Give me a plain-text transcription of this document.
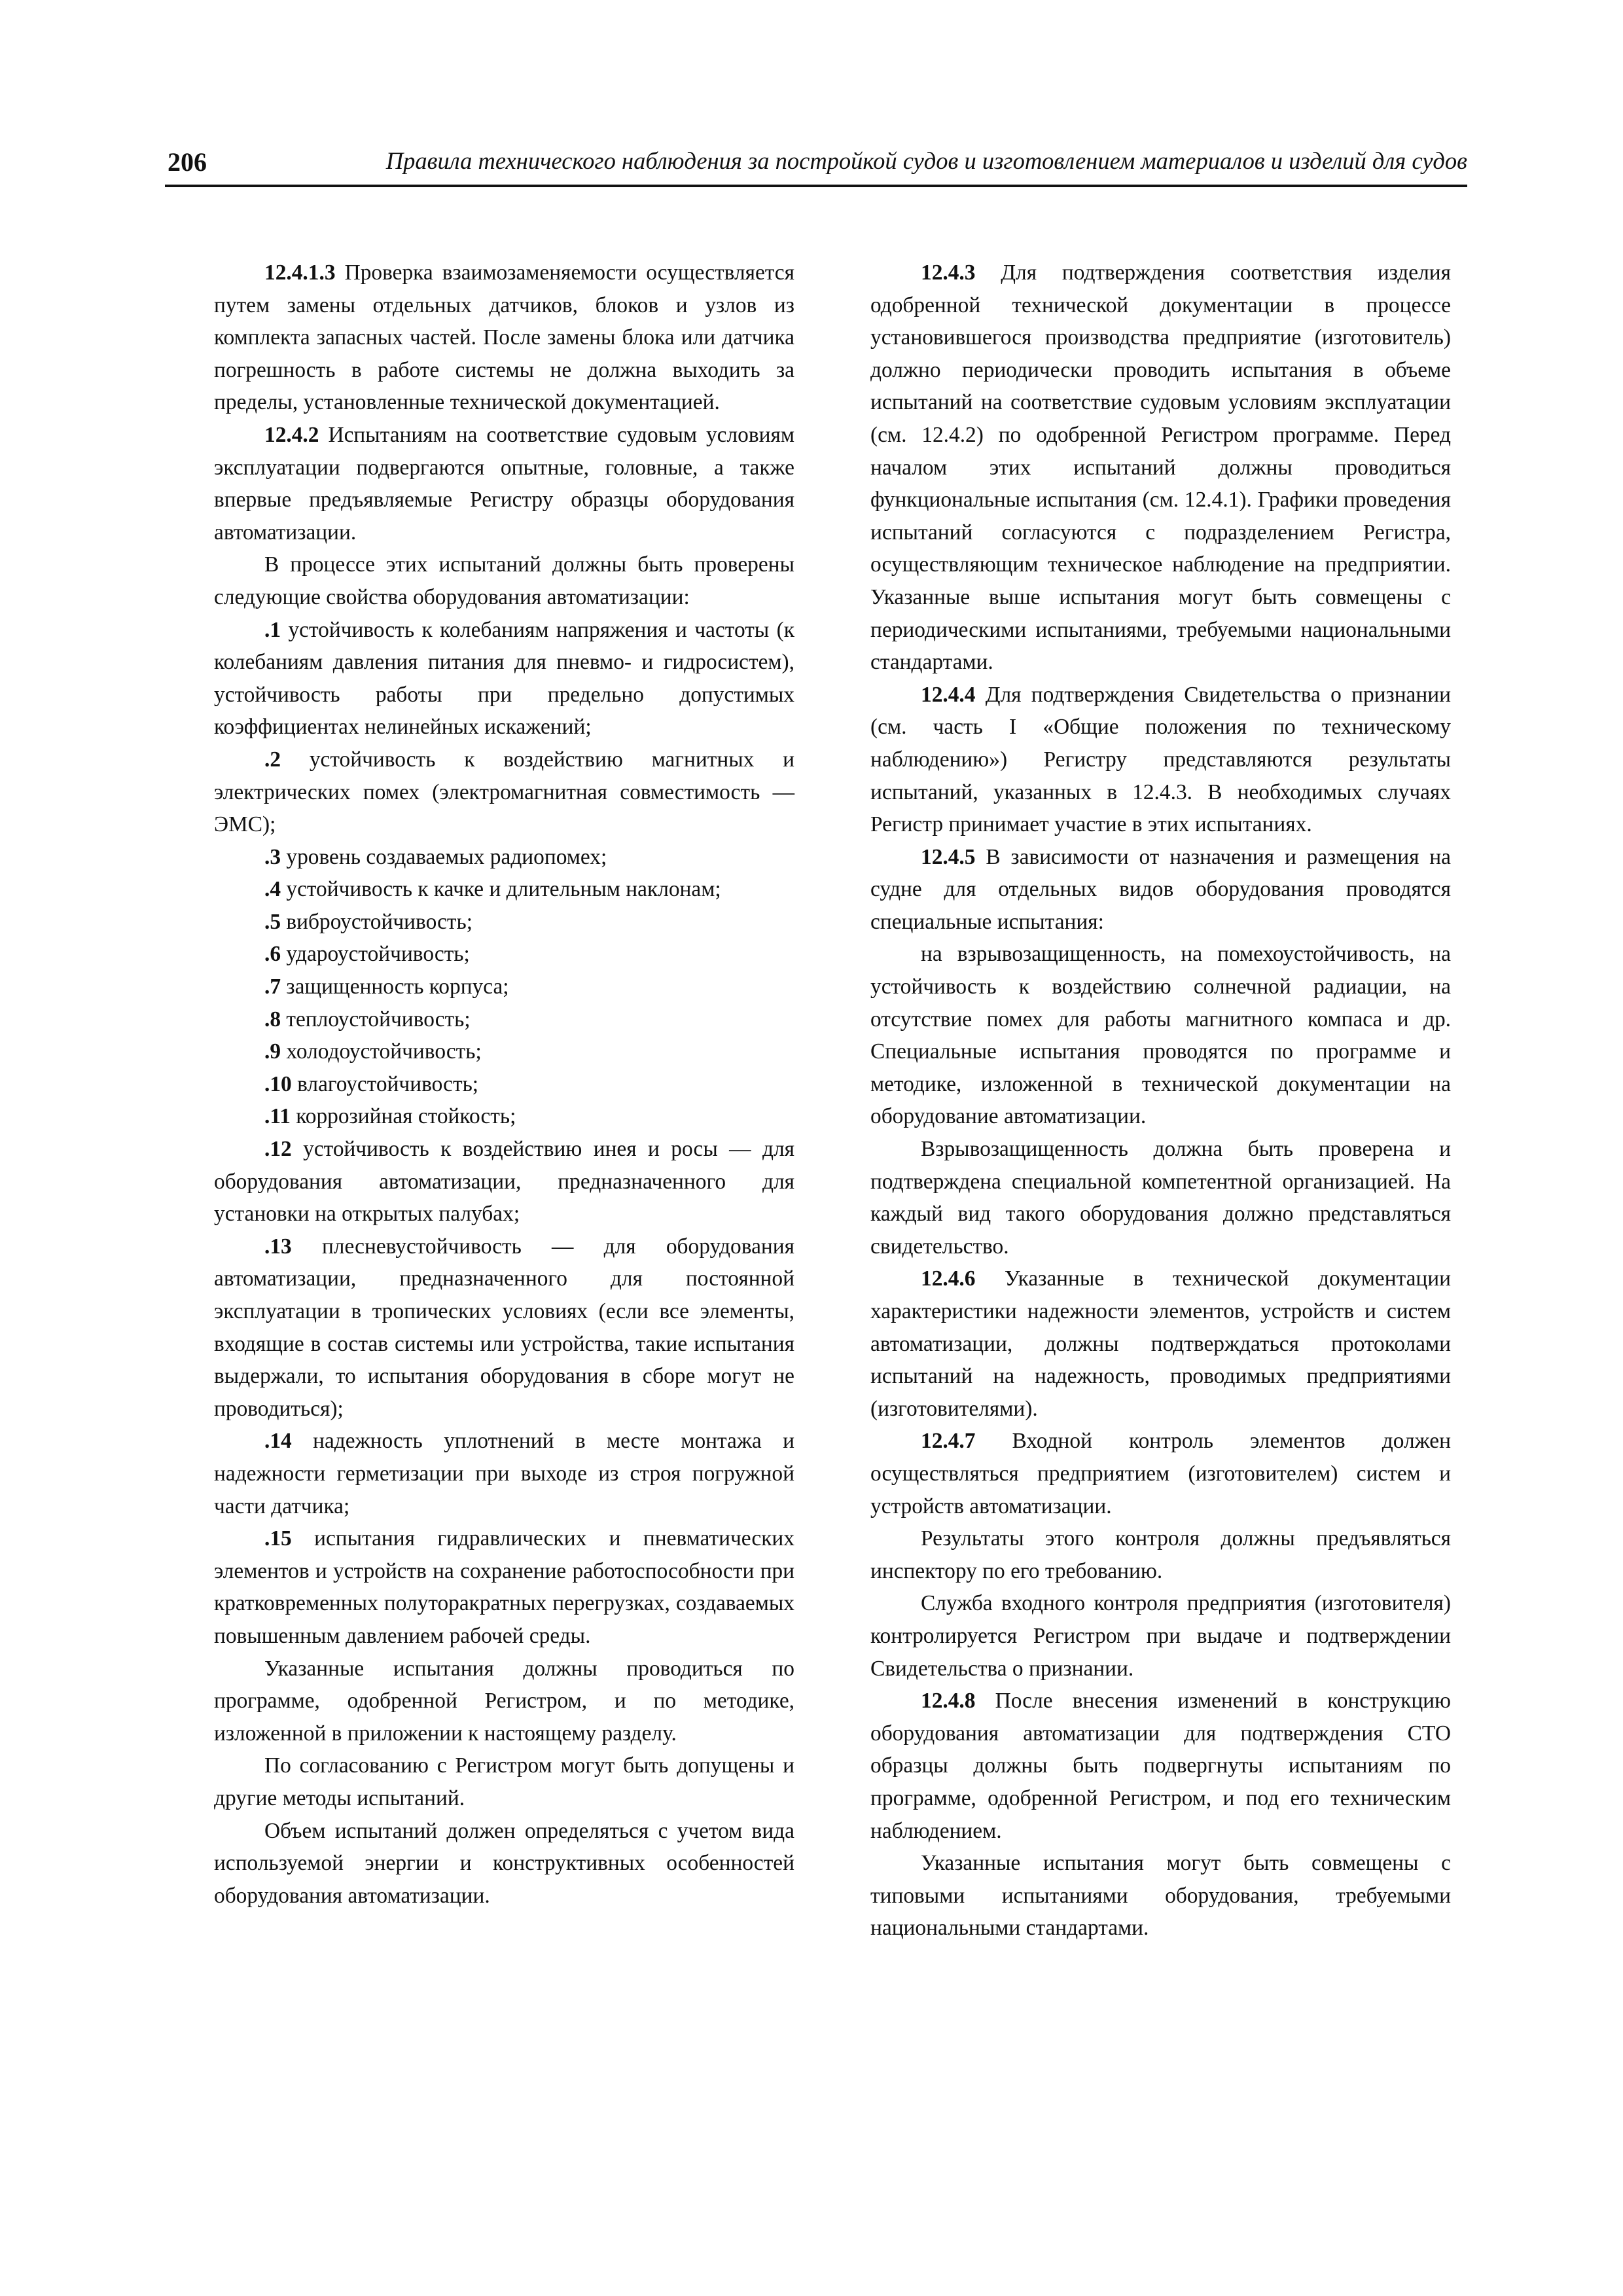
206	Правила технического наблюдения за постройкой судов и изготовлением материалов и изделий для судов

12.4.1.3 Проверка взаимозаменяемости осуществляется путем замены отдельных датчиков, блоков и узлов из комплекта запасных частей. После замены блока или датчика погрешность в работе системы не должна выходить за пределы, установленные технической документацией.

12.4.2 Испытаниям на соответствие судовым условиям эксплуатации подвергаются опытные, головные, а также впервые предъявляемые Регистру образцы оборудования автоматизации.

В процессе этих испытаний должны быть проверены следующие свойства оборудования автоматизации:

.1 устойчивость к колебаниям напряжения и частоты (к колебаниям давления питания для пневмо- и гидросистем), устойчивость работы при предельно допустимых коэффициентах нелинейных искажений;

.2 устойчивость к воздействию магнитных и электрических помех (электромагнитная совместимость — ЭМС);

.3 уровень создаваемых радиопомех;

.4 устойчивость к качке и длительным наклонам;

.5 виброустойчивость;

.6 удароустойчивость;

.7 защищенность корпуса;

.8 теплоустойчивость;

.9 холодоустойчивость;

.10 влагоустойчивость;

.11 коррозийная стойкость;

.12 устойчивость к воздействию инея и росы — для оборудования автоматизации, предназначенного для установки на открытых палубах;

.13 плесневустойчивость — для оборудования автоматизации, предназначенного для постоянной эксплуатации в тропических условиях (если все элементы, входящие в состав системы или устройства, такие испытания выдержали, то испытания оборудования в сборе могут не проводиться);

.14 надежность уплотнений в месте монтажа и надежности герметизации при выходе из строя погружной части датчика;

.15 испытания гидравлических и пневматических элементов и устройств на сохранение работоспособности при кратковременных полуторакратных перегрузках, создаваемых повышенным давлением рабочей среды.

Указанные испытания должны проводиться по программе, одобренной Регистром, и по методике, изложенной в приложении к настоящему разделу.

По согласованию с Регистром могут быть допущены и другие методы испытаний.

Объем испытаний должен определяться с учетом вида используемой энергии и конструктивных особенностей оборудования автоматизации.

12.4.3 Для подтверждения соответствия изделия одобренной технической документации в процессе установившегося производства предприятие (изготовитель) должно периодически проводить испытания в объеме испытаний на соответствие судовым условиям эксплуатации (см. 12.4.2) по одобренной Регистром программе. Перед началом этих испытаний должны проводиться функциональные испытания (см. 12.4.1). Графики проведения испытаний согласуются с подразделением Регистра, осуществляющим техническое наблюдение на предприятии. Указанные выше испытания могут быть совмещены с периодическими испытаниями, требуемыми национальными стандартами.

12.4.4 Для подтверждения Свидетельства о признании (см. часть I «Общие положения по техническому наблюдению») Регистру представляются результаты испытаний, указанных в 12.4.3. В необходимых случаях Регистр принимает участие в этих испытаниях.

12.4.5 В зависимости от назначения и размещения на судне для отдельных видов оборудования проводятся специальные испытания:

на взрывозащищенность, на помехоустойчивость, на устойчивость к воздействию солнечной радиации, на отсутствие помех для работы магнитного компаса и др. Специальные испытания проводятся по программе и методике, изложенной в технической документации на оборудование автоматизации.

Взрывозащищенность должна быть проверена и подтверждена специальной компетентной организацией. На каждый вид такого оборудования должно представляться свидетельство.

12.4.6 Указанные в технической документации характеристики надежности элементов, устройств и систем автоматизации, должны подтверждаться протоколами испытаний на надежность, проводимых предприятиями (изготовителями).

12.4.7 Входной контроль элементов должен осуществляться предприятием (изготовителем) систем и устройств автоматизации.

Результаты этого контроля должны предъявляться инспектору по его требованию.

Служба входного контроля предприятия (изготовителя) контролируется Регистром при выдаче и подтверждении Свидетельства о признании.

12.4.8 После внесения изменений в конструкцию оборудования автоматизации для подтверждения СТО образцы должны быть подвергнуты испытаниям по программе, одобренной Регистром, и под его техническим наблюдением.

Указанные испытания могут быть совмещены с типовыми испытаниями оборудования, требуемыми национальными стандартами.
